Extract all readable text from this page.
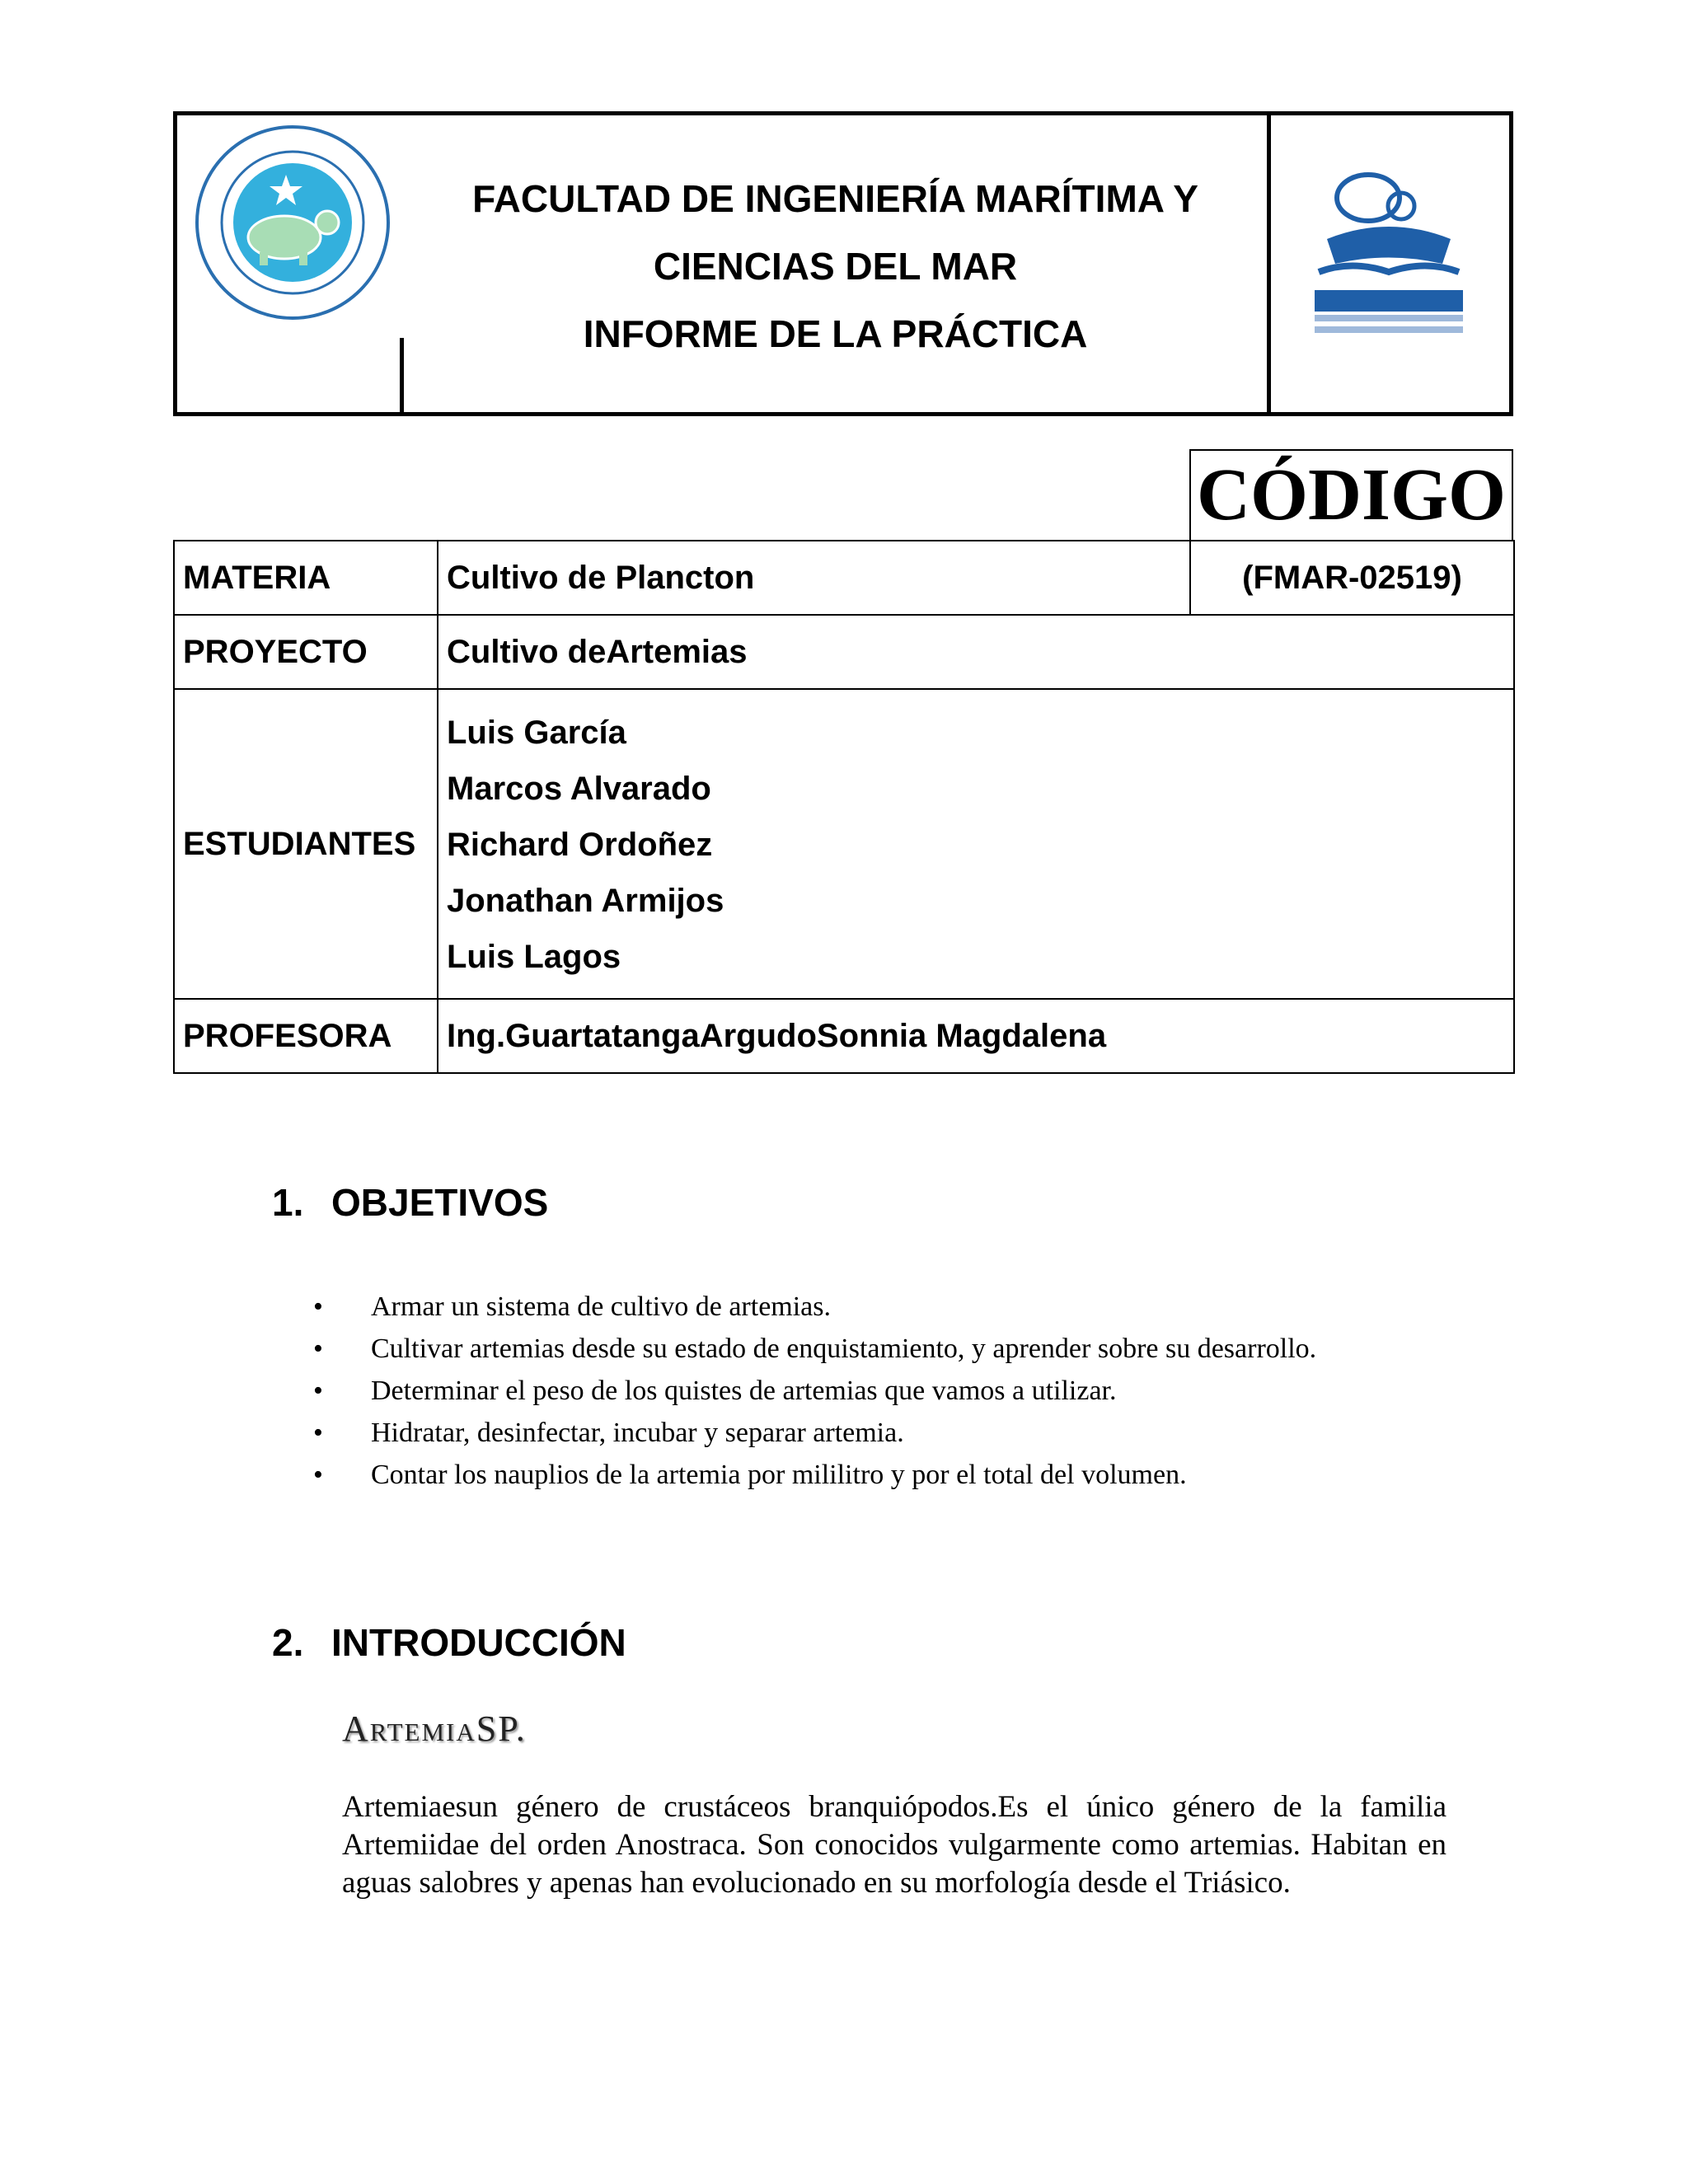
FACULTAD DE INGENIERÍA MARÍTIMA Y
CIENCIAS DEL MAR
INFORME DE LA PRÁCTICA
CÓDIGO
MATERIA	Cultivo de Plancton	(FMAR-02519)
PROYECTO	Cultivo deArtemias	
ESTUDIANTES	Luis García
Marcos Alvarado
Richard Ordoñez
Jonathan Armijos
Luis Lagos	

PROFESORA	Ing.GuartatangaArgudoSonnia Magdalena	
1. OBJETIVOS
• Armar un sistema de cultivo de artemias.
• Cultivar artemias desde su estado de enquistamiento, y aprender sobre su desarrollo.
• Determinar el peso de los quistes de artemias que vamos a utilizar.
• Hidratar, desinfectar, incubar y separar artemia.
• Contar los nauplios de la artemia por mililitro y por el total del volumen.
2. INTRODUCCIÓN
ArtemiaSP.
Artemiaesun género de crustáceos branquiópodos.Es el único género de la familia Artemiidae del orden Anostraca. Son conocidos vulgarmente como artemias. Habitan en aguas salobres y apenas han evolucionado en su morfología desde el Triásico.
